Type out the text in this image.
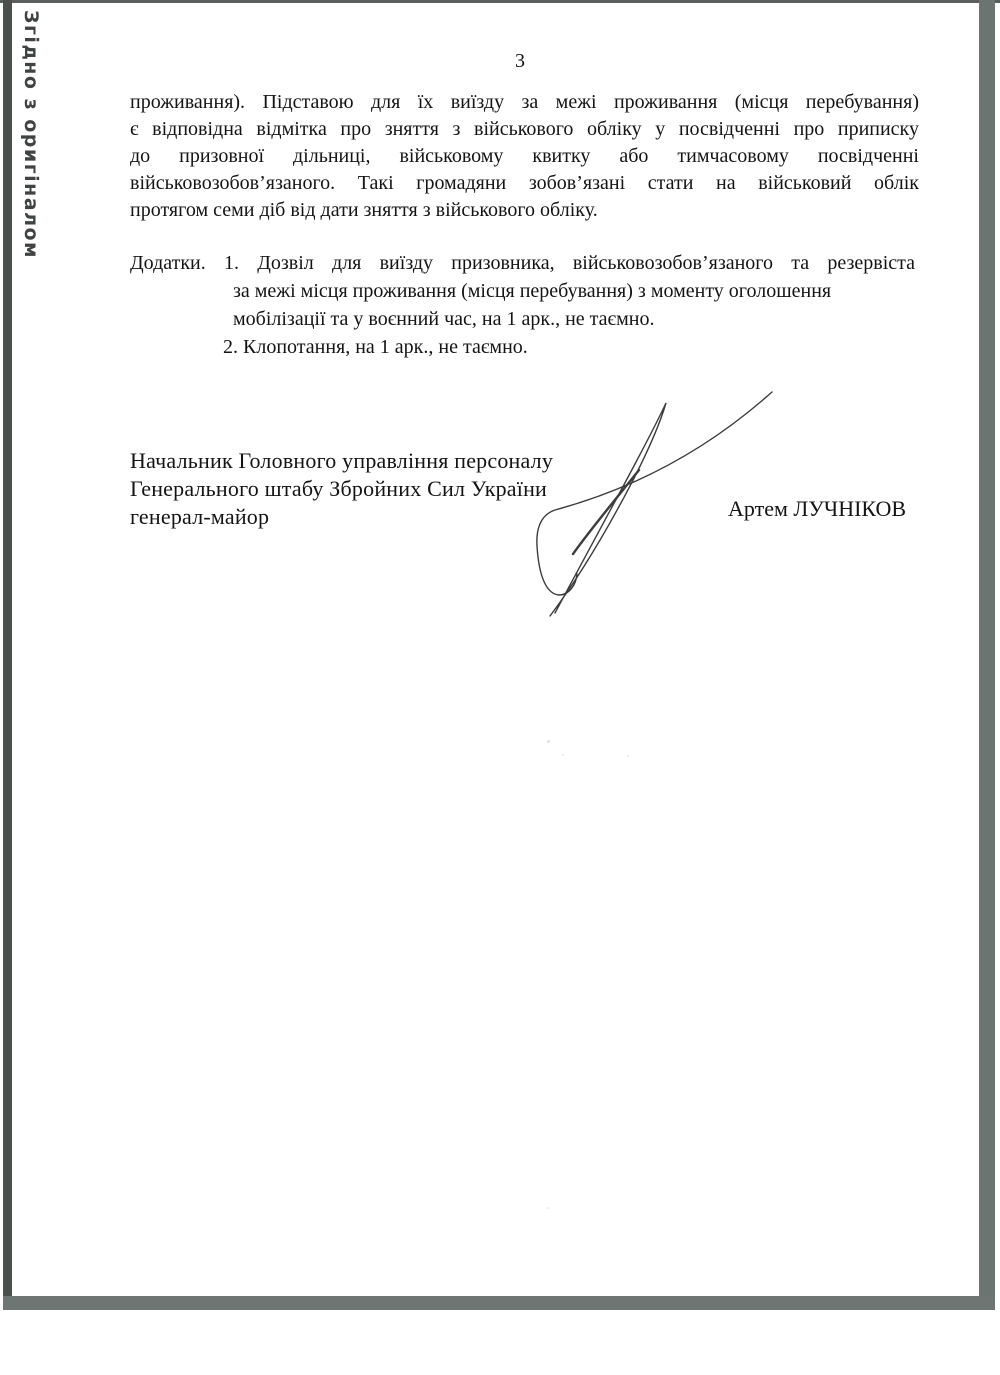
Згідно з оригіналом	3
проживання). Підставою для їх виїзду за межі проживання (місця перебування)
є відповідна відмітка про зняття з військового обліку у посвідченні про приписку
до призовної дільниці, військовому квитку або тимчасовому посвідченні
військовозобов’язаного. Такі громадяни зобов’язані стати на військовий облік
протягом семи діб від дати зняття з військового обліку.
Додатки. 1. Дозвіл для виїзду призовника, військовозобов’язаного та резервіста
за межі місця проживання (місця перебування) з моменту оголошення
мобілізації та у воєнний час, на 1 арк., не таємно.
2. Клопотання, на 1 арк., не таємно.
Начальник Головного управління персоналу
Генерального штабу Збройних Сил України
генерал-майор	Артем ЛУЧНІКОВ
